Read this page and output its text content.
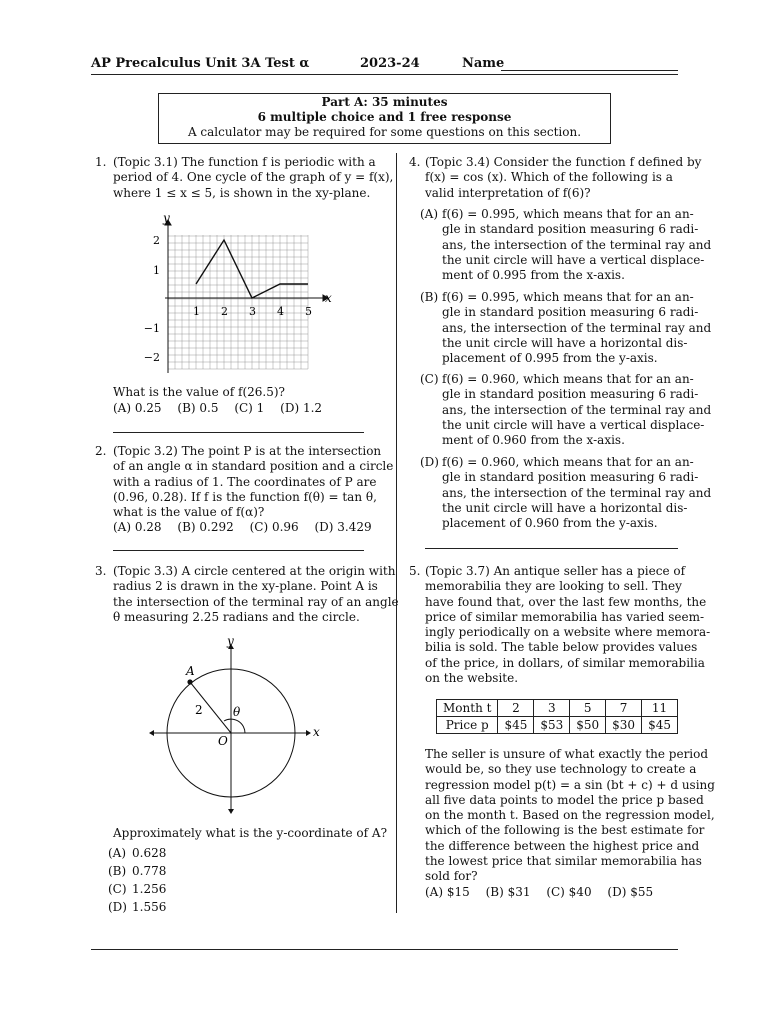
AP Precalculus Unit 3A Test α	2023-24	Name
Part A: 35 minutes
6 multiple choice and 1 free response
A calculator may be required for some questions on this section.
1. (Topic 3.1) The function f is periodic with a
period of 4. One cycle of the graph of y = f(x),
where 1 ≤ x ≤ 5, is shown in the xy-plane.
y
x
1 2 3 4 5
2
1
−1
−2
What is the value of f(26.5)?
(A) 0.25 (B) 0.5 (C) 1 (D) 1.2
2. (Topic 3.2) The point P is at the intersection
of an angle α in standard position and a circle
with a radius of 1. The coordinates of P are
(0.96, 0.28). If f is the function f(θ) = tan θ,
what is the value of f(α)?
(A) 0.28 (B) 0.292 (C) 0.96 (D) 3.429
3. (Topic 3.3) A circle centered at the origin with
radius 2 is drawn in the xy-plane. Point A is
the intersection of the terminal ray of an angle
θ measuring 2.25 radians and the circle.
A
2	θ
O
x
y
Approximately what is the y-coordinate of A?
(A) 0.628
(B) 0.778
(C) 1.256
(D) 1.556
4. (Topic 3.4) Consider the function f defined by
f(x) = cos (x). Which of the following is a
valid interpretation of f(6)?
(A) f(6) = 0.995, which means that for an an-
gle in standard position measuring 6 radi-
ans, the intersection of the terminal ray and
the unit circle will have a vertical displace-
ment of 0.995 from the x-axis.
(B) f(6) = 0.995, which means that for an an-
gle in standard position measuring 6 radi-
ans, the intersection of the terminal ray and
the unit circle will have a horizontal dis-
placement of 0.995 from the y-axis.
(C) f(6) = 0.960, which means that for an an-
gle in standard position measuring 6 radi-
ans, the intersection of the terminal ray and
the unit circle will have a vertical displace-
ment of 0.960 from the x-axis.
(D) f(6) = 0.960, which means that for an an-
gle in standard position measuring 6 radi-
ans, the intersection of the terminal ray and
the unit circle will have a horizontal dis-
placement of 0.960 from the y-axis.
5. (Topic 3.7) An antique seller has a piece of
memorabilia they are looking to sell. They
have found that, over the last few months, the
price of similar memorabilia has varied seem-
ingly periodically on a website where memora-
bilia is sold. The table below provides values
of the price, in dollars, of similar memorabilia
on the website.
Month t	2	3	5	7	11
Price p	$45	$53	$50	$30	$45
The seller is unsure of what exactly the period
would be, so they use technology to create a
regression model p(t) = a sin (bt + c) + d using
all five data points to model the price p based
on the month t. Based on the regression model,
which of the following is the best estimate for
the difference between the highest price and
the lowest price that similar memorabilia has
sold for?
(A) $15 (B) $31 (C) $40 (D) $55
